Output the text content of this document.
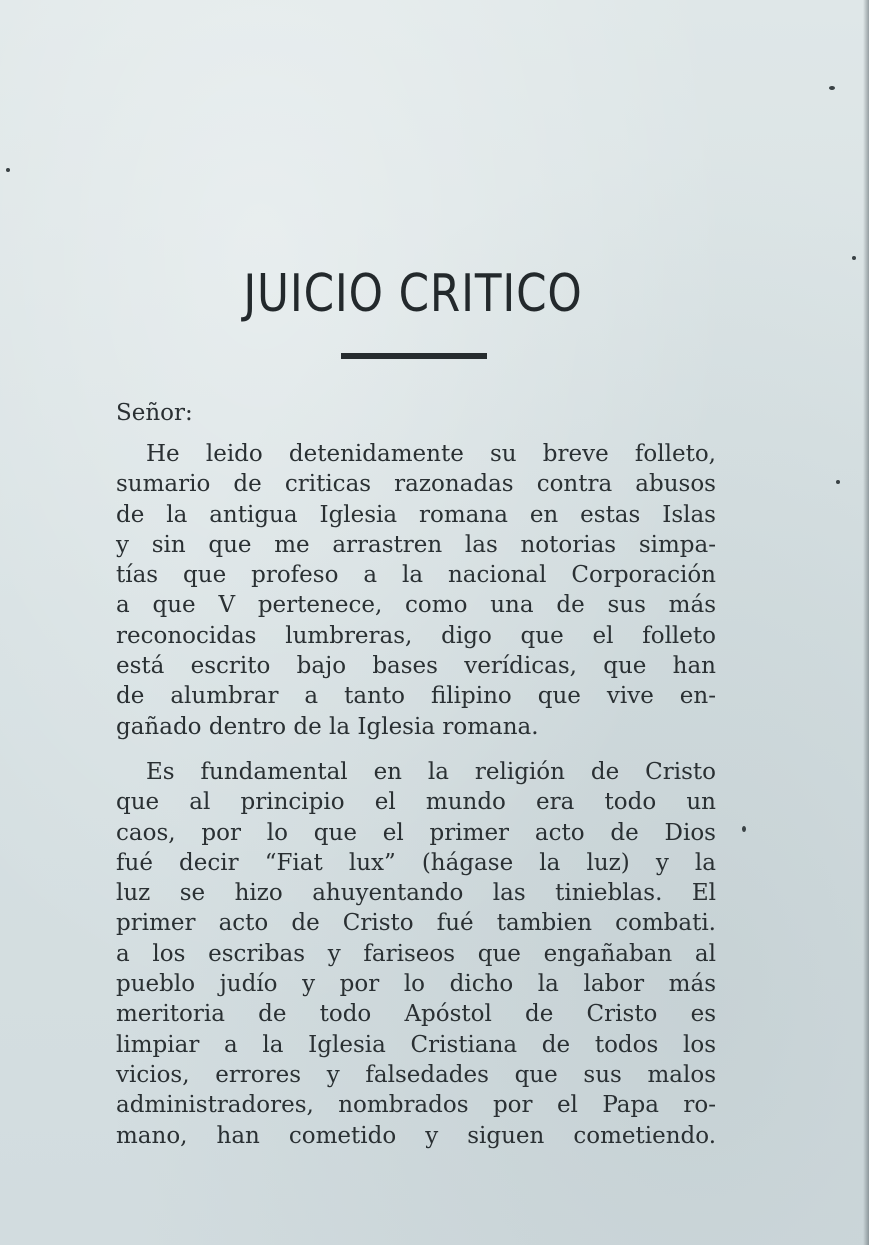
JUICIO CRITICO

Señor:

He leido detenidamente su breve folleto,
sumario de criticas razonadas contra abusos
de la antigua Iglesia romana en estas Islas
y sin que me arrastren las notorias simpa-
tías que profeso a la nacional Corporación
a que V pertenece, como una de sus más
reconocidas lumbreras, digo que el folleto
está escrito bajo bases verídicas, que han
de alumbrar a tanto filipino que vive en-
gañado dentro de la Iglesia romana.
Es fundamental en la religión de Cristo
que al principio el mundo era todo un
caos, por lo que el primer acto de Dios
fué decir “Fiat lux” (hágase la luz) y la
luz se hizo ahuyentando las tinieblas. El
primer acto de Cristo fué tambien combati.
a los escribas y fariseos que engañaban al
pueblo judío y por lo dicho la labor más
meritoria de todo Apóstol de Cristo es
limpiar a la Iglesia Cristiana de todos los
vicios, errores y falsedades que sus malos
administradores, nombrados por el Papa ro-
mano, han cometido y siguen cometiendo.
